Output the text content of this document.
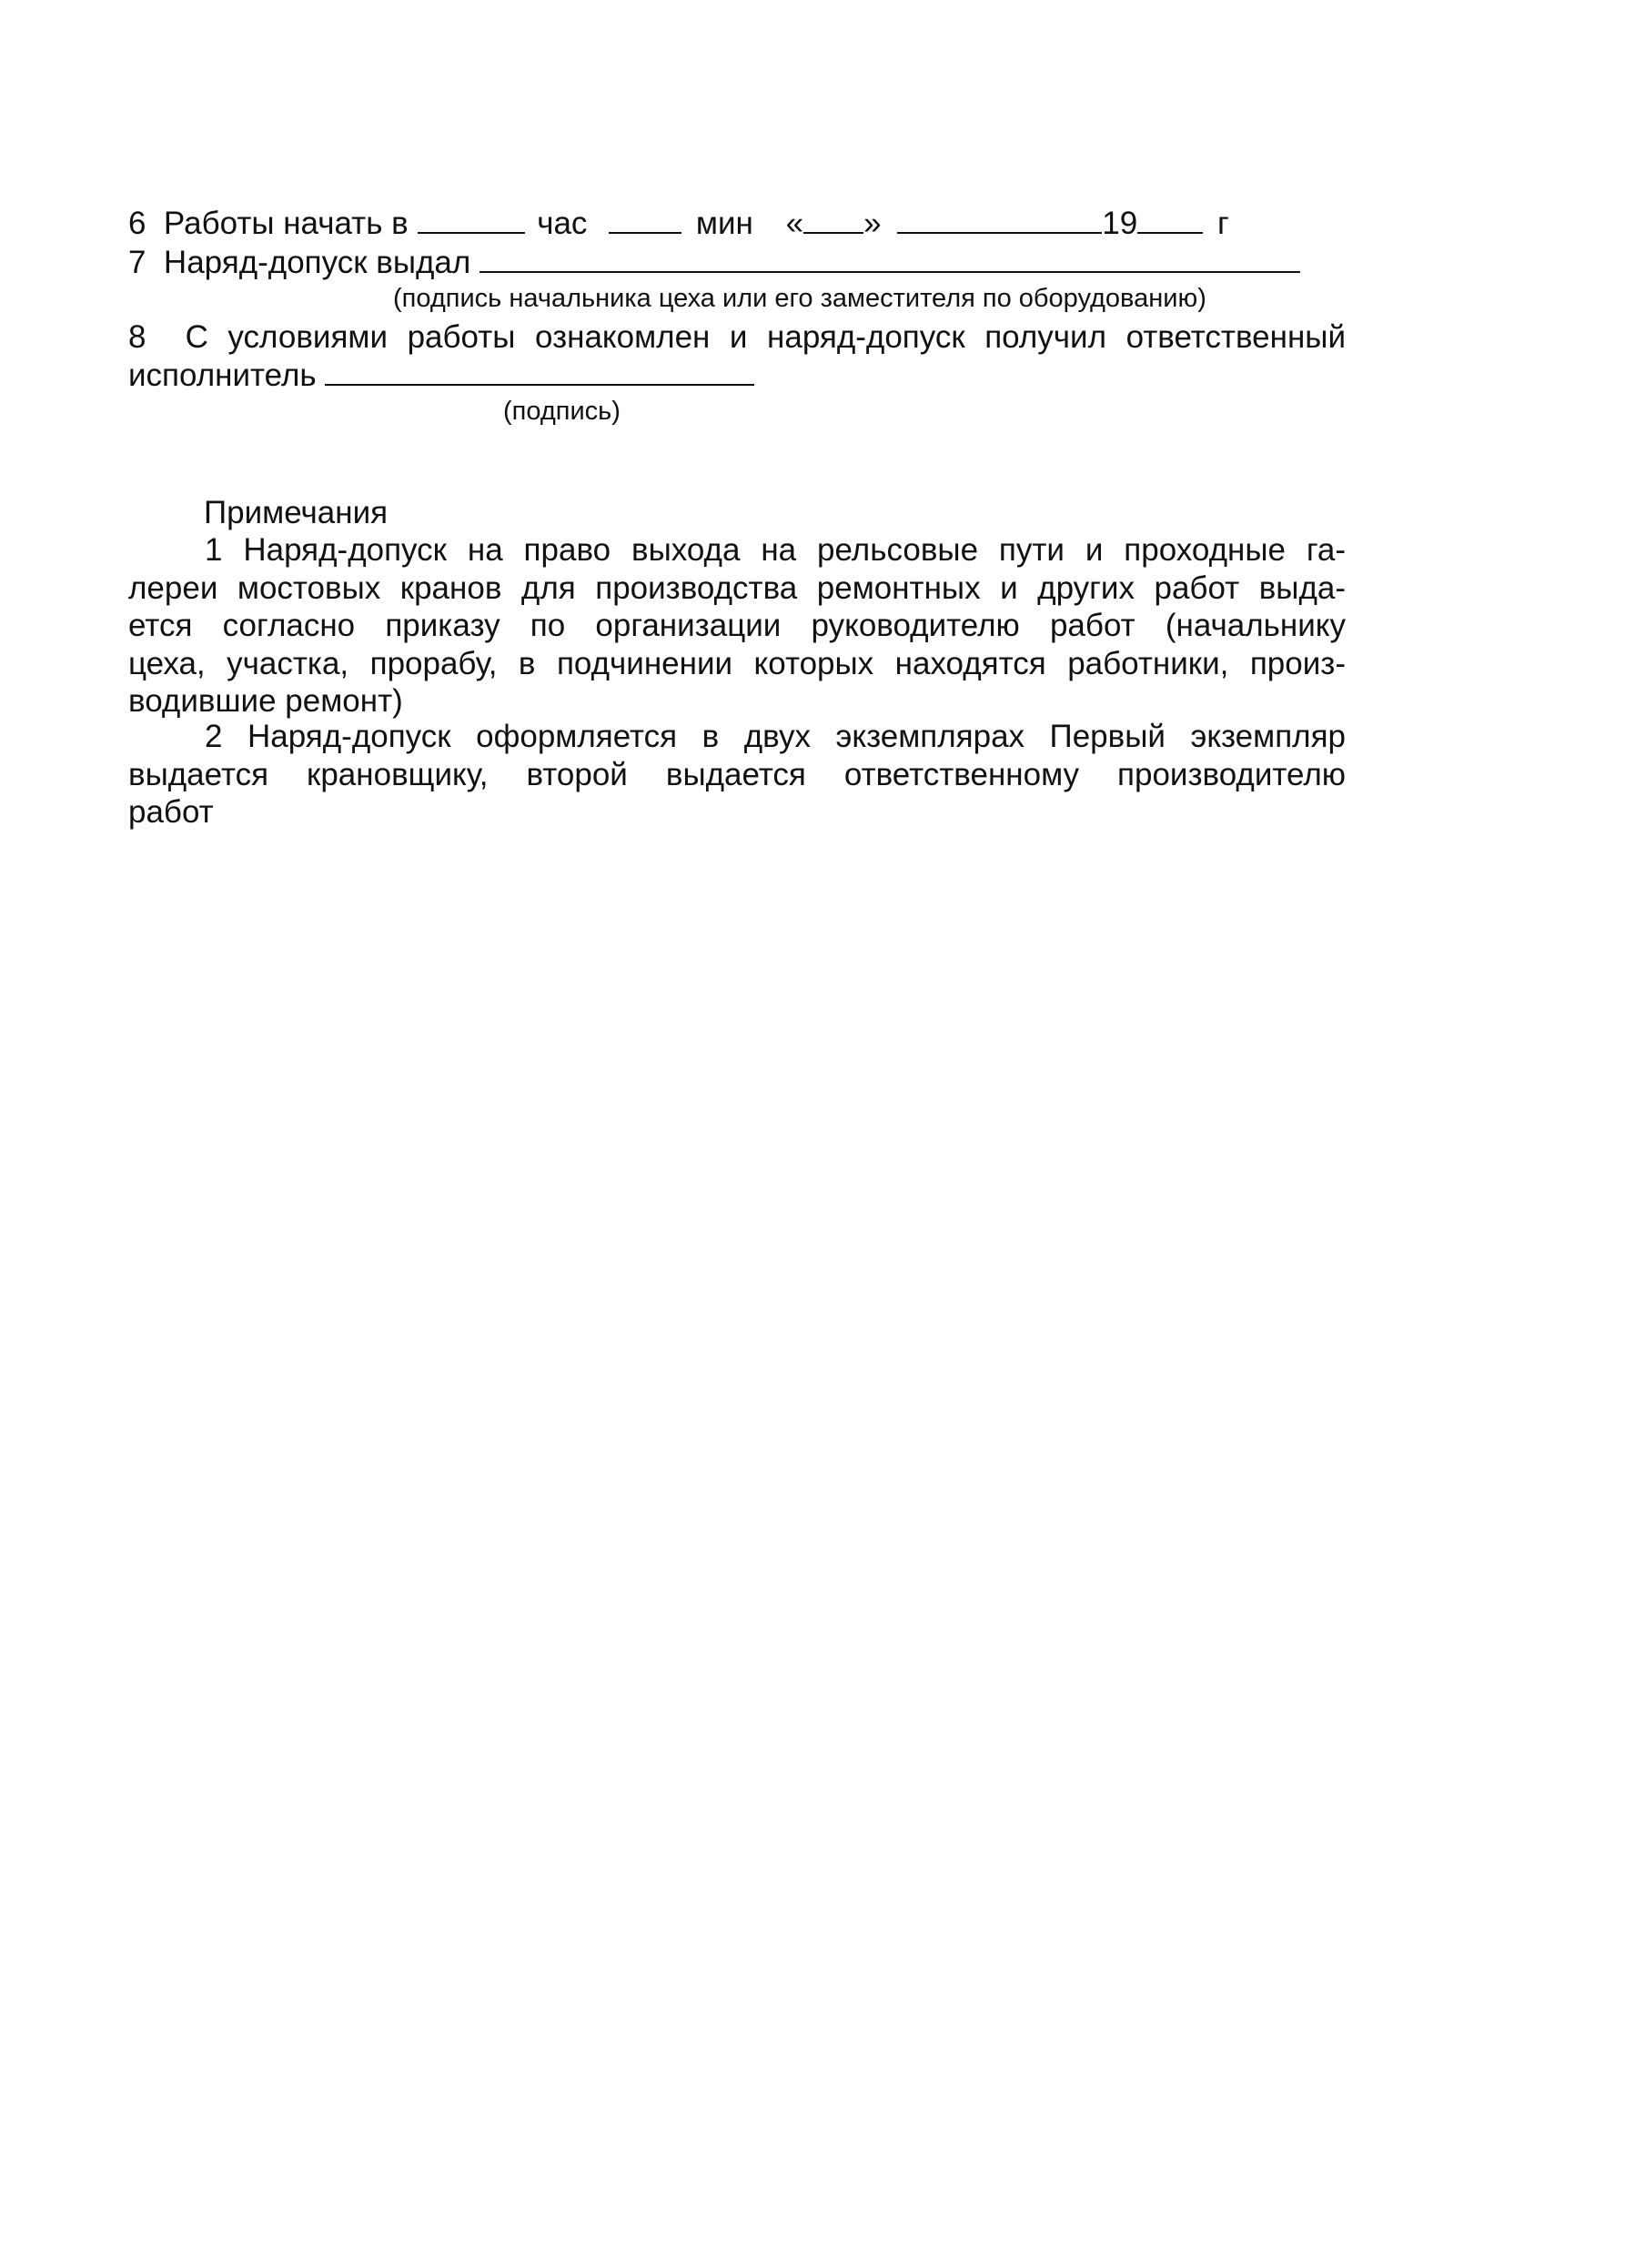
6 Работы начать в	час	мин « »	19	г
7 Наряд-допуск выдал
(подпись начальника цеха или его заместителя по оборудованию)
8 С условиями работы ознакомлен и наряд-допуск получил ответственный
исполнитель
(подпись)
Примечания
1 Наряд-допуск на право выхода на рельсовые пути и проходные га-
лереи мостовых кранов для производства ремонтных и других работ выда-
ется согласно приказу по организации руководителю работ (начальнику
цеха, участка, прорабу, в подчинении которых находятся работники, произ-
водившие ремонт)
2 Наряд-допуск оформляется в двух экземплярах Первый экземпляр
выдается крановщику, второй выдается ответственному производителю
работ
